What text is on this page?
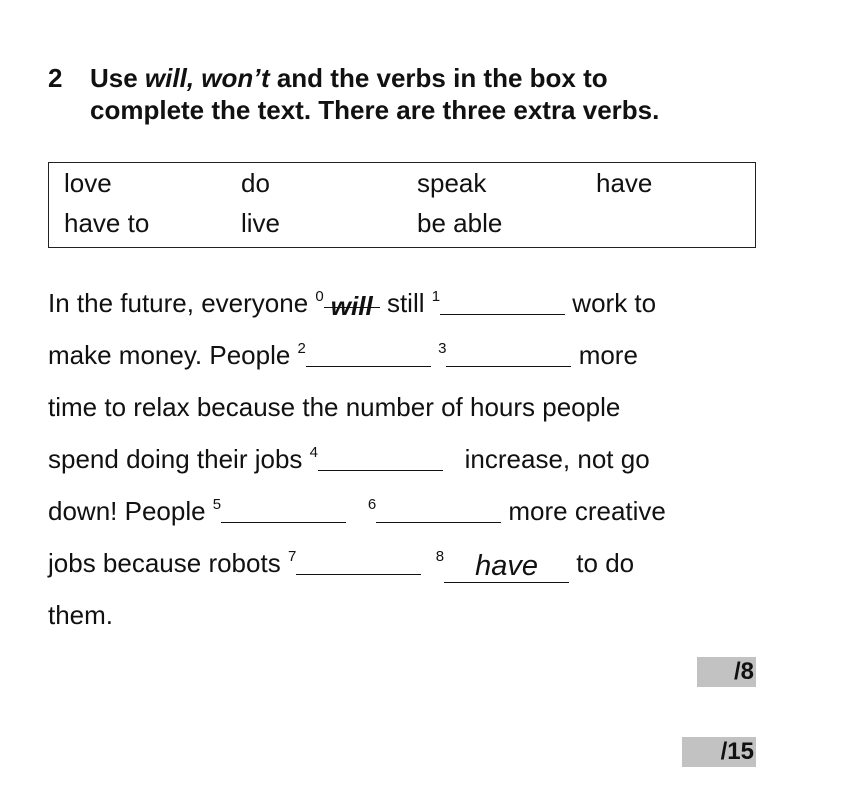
2 Use will, won’t and the verbs in the box to
complete the text. There are three extra verbs.
love	do	speak	have
have to	live	be able
In the future, everyone $^0$ will still $^1$	work to
make money. People $^2$	$^3$	more
time to relax because the number of hours people
spend doing their jobs $^4$	increase, not go
down! People $^5$	$^6$	more creative
jobs because robots $^7$	$^8$ have to do
them.
/8
/15
